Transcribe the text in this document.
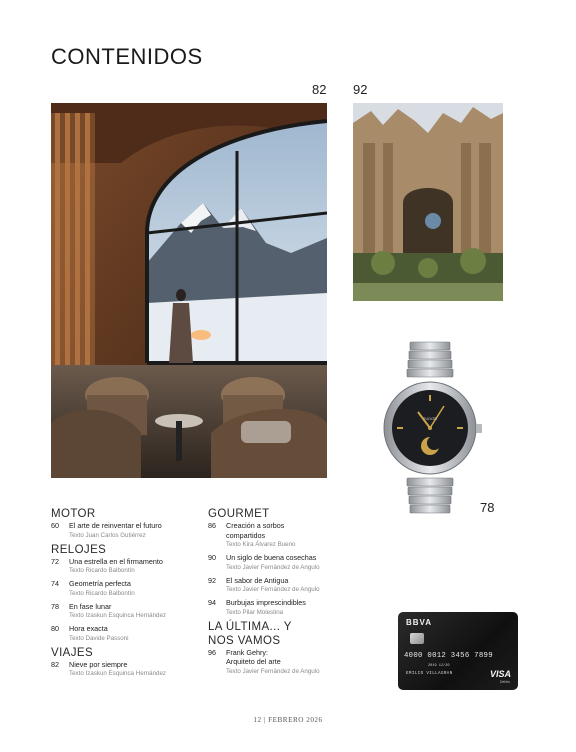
CONTENIDOS
82 92
78
TUDOR
BBVA
4000 0012 3456 7899
2019 12/20
EMILIO VILLAGRAN	VISA
Débito
MOTOR
60 El arte de reinventar el futuro
Texto Juan Carlos Gutiérrez
RELOJES
72 Una estrella en el firmamento
Texto Ricardo Balbontín
74 Geometría perfecta
Texto Ricardo Balbontín
78 En fase lunar
Texto Izaskun Esquinca Hernández
80 Hora exacta
Texto Davide Passoni
VIAJES
82 Nieve por siempre
Texto Izaskun Esquinca Hernández
GOURMET
86 Creación a sorbos compartidos
Texto Kira Álvarez Bueno
90 Un siglo de buena cosechas
Texto Javier Fernández de Angulo
92 El sabor de Antigua
Texto Javier Fernández de Angulo
94 Burbujas imprescindibles
Texto Pilar Molestina
LA ÚLTIMA... Y NOS VAMOS
96 Frank Gehry: Arquiteto del arte
Texto Javier Fernández de Angulo
12 | FEBRERO 2026
